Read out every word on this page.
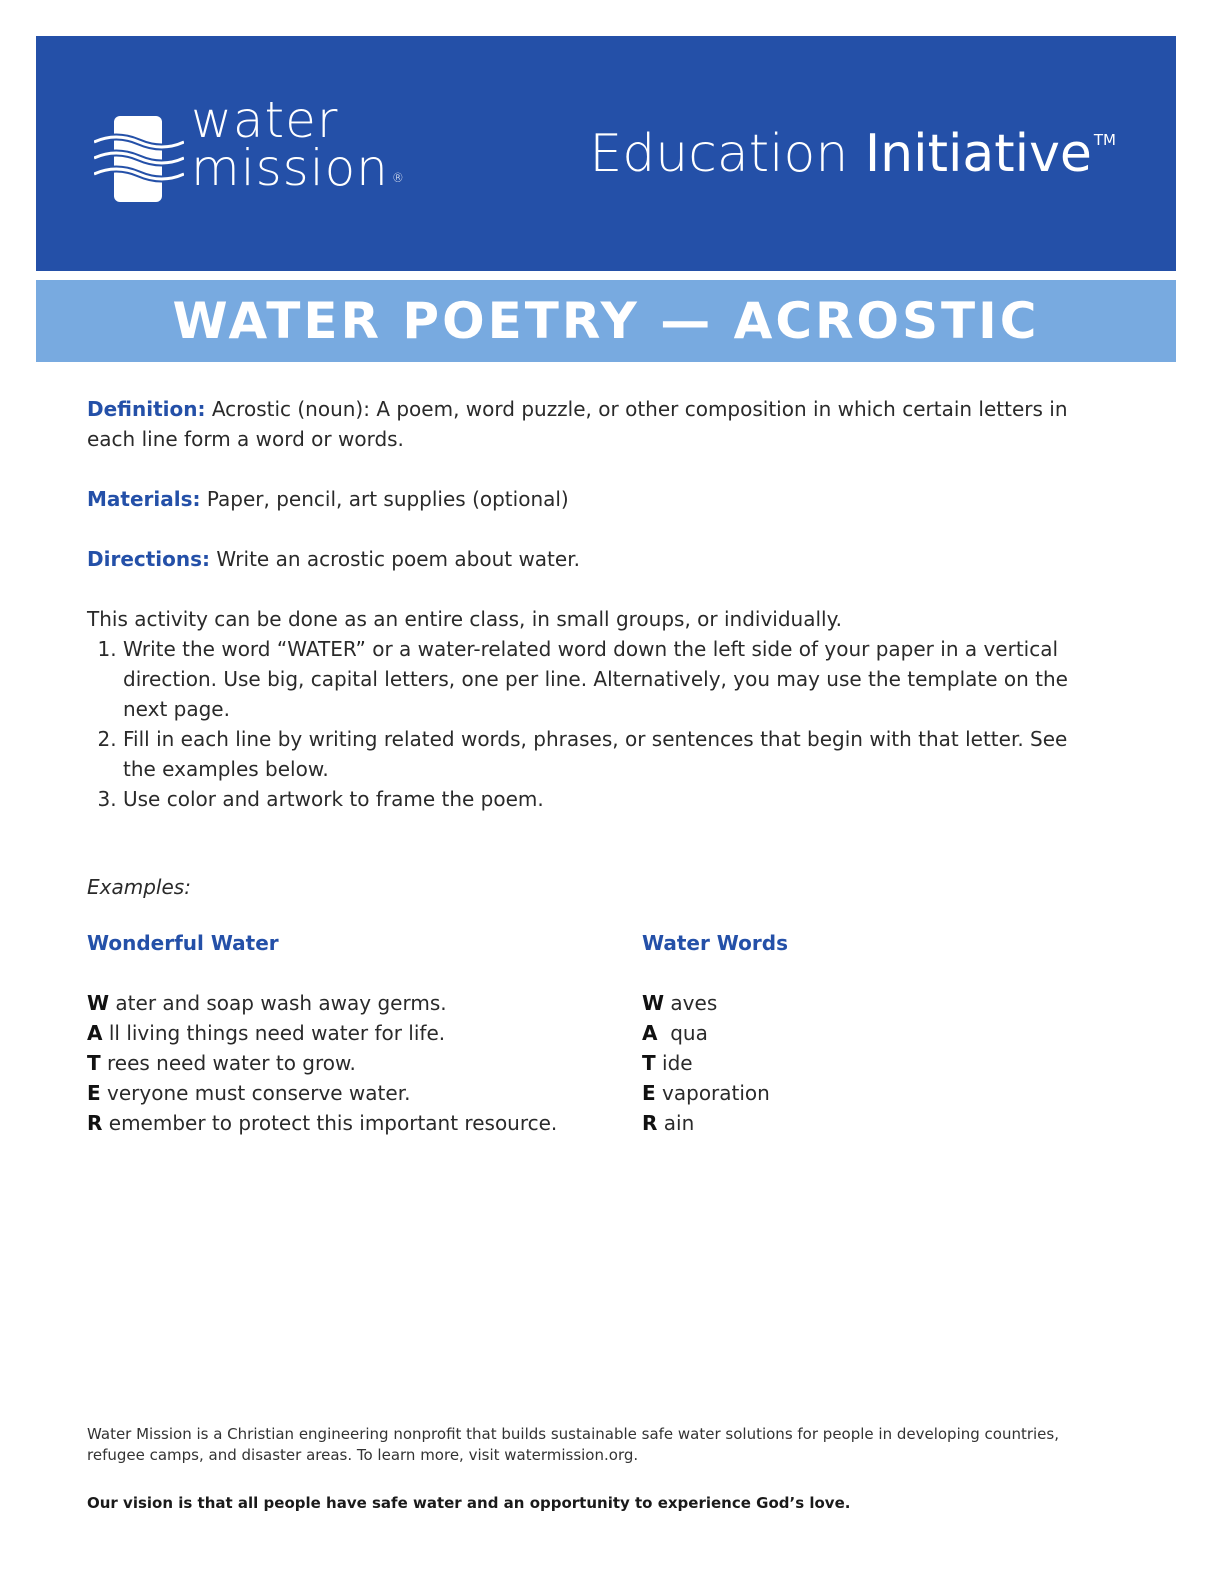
water
mission ®	Education Initiative ™
WATER POETRY — ACROSTIC

Definition: Acrostic (noun): A poem, word puzzle, or other composition in which certain letters in each line form a word or words.

Materials: Paper, pencil, art supplies (optional)

Directions: Write an acrostic poem about water.

This activity can be done as an entire class, in small groups, or individually.

1. Write the word “WATER” or a water-related word down the left side of your paper in a vertical direction. Use big, capital letters, one per line. Alternatively, you may use the template on the next page.
2. Fill in each line by writing related words, phrases, or sentences that begin with that letter. See the examples below.
3. Use color and artwork to frame the poem.

Examples:

Wonderful Water
W ater and soap wash away germs.
A ll living things need water for life.
T rees need water to grow.
E veryone must conserve water.
R emember to protect this important resource.
Water Words
W aves
A  qua
T ide
E vaporation
R ain

Water Mission is a Christian engineering nonprofit that builds sustainable safe water solutions for people in developing countries, refugee camps, and disaster areas. To learn more, visit watermission.org.

Our vision is that all people have safe water and an opportunity to experience God’s love.
